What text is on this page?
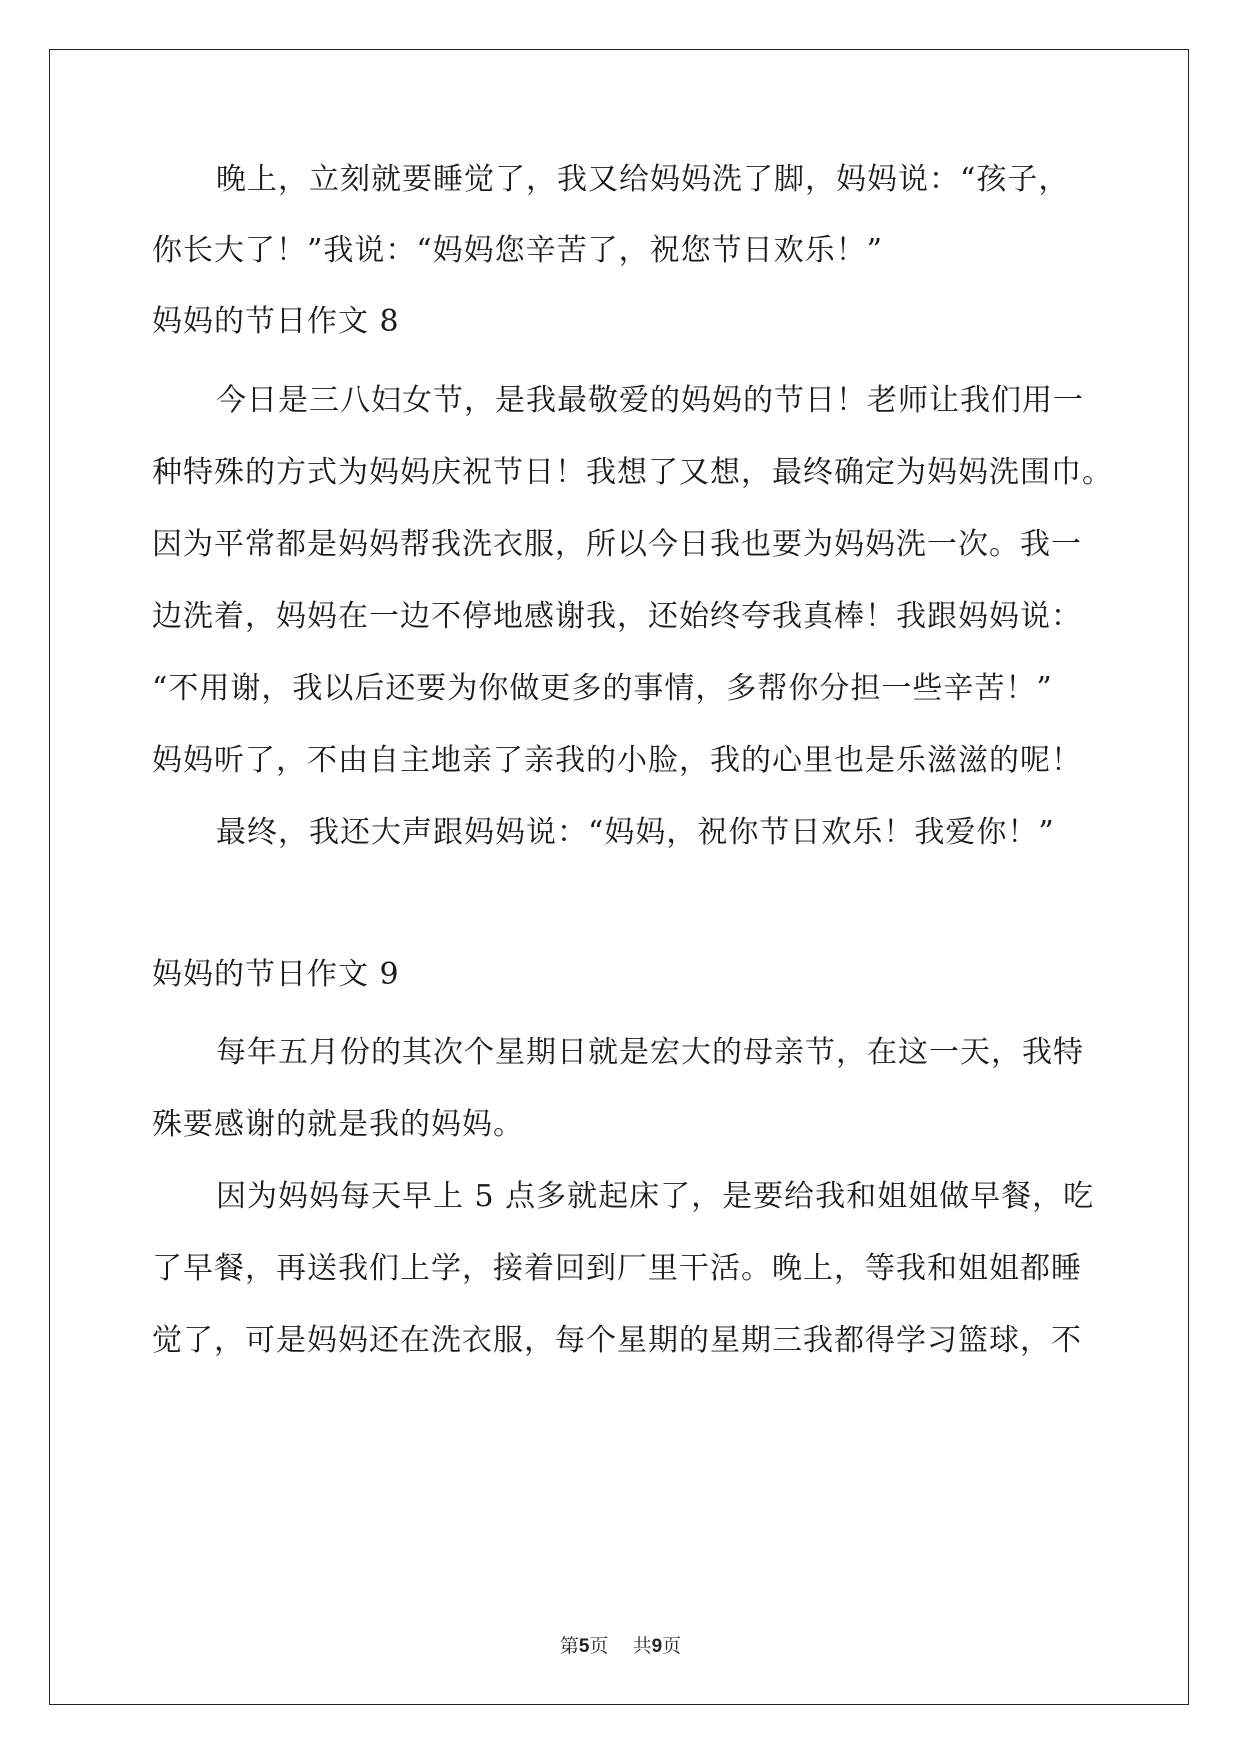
晚上，立刻就要睡觉了，我又给妈妈洗了脚，妈妈说：“孩子，
你长大了！”我说：“妈妈您辛苦了，祝您节日欢乐！”
妈妈的节日作文 8
今日是三八妇女节，是我最敬爱的妈妈的节日！老师让我们用一
种特殊的方式为妈妈庆祝节日！我想了又想，最终确定为妈妈洗围巾。
因为平常都是妈妈帮我洗衣服，所以今日我也要为妈妈洗一次。我一
边洗着，妈妈在一边不停地感谢我，还始终夸我真棒！我跟妈妈说：
“不用谢，我以后还要为你做更多的事情，多帮你分担一些辛苦！”
妈妈听了，不由自主地亲了亲我的小脸，我的心里也是乐滋滋的呢！
最终，我还大声跟妈妈说：“妈妈，祝你节日欢乐！我爱你！”
妈妈的节日作文 9
每年五月份的其次个星期日就是宏大的母亲节，在这一天，我特
殊要感谢的就是我的妈妈。
因为妈妈每天早上 5 点多就起床了，是要给我和姐姐做早餐，吃
了早餐，再送我们上学，接着回到厂里干活。晚上，等我和姐姐都睡
觉了，可是妈妈还在洗衣服，每个星期的星期三我都得学习篮球，不
第5页    共9页
